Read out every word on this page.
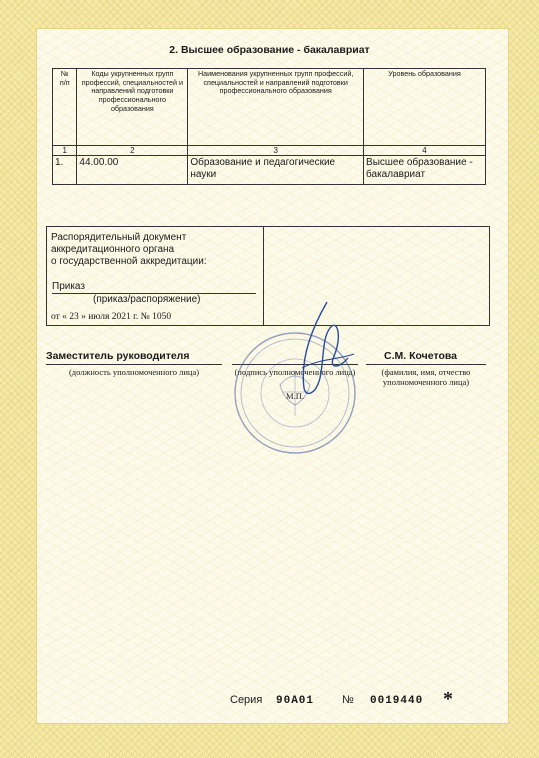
2. Высшее образование - бакалавриат
№
п/п	Коды укрупненных групп профессий, специальностей и направлений подготовки профессионального образования	Наименования укрупненных групп профессий, специальностей и направлений подготовки профессионального образования	Уровень образования
1	2	3	4
1.	44.00.00	Образование и педагогические науки	Высшее образование - бакалавриат
Распорядительный документ
аккредитационного органа
о государственной аккредитации:
Приказ
(приказ/распоряжение)
от « 23 » июля 2021 г. № 1050
Заместитель руководителя	С.М. Кочетова
(должность уполномоченного лица)	(подпись уполномоченного лица)
М.П.
(фамилия, имя, отчество уполномоченного лица)
Серия 90А01	№ 0019440 *
